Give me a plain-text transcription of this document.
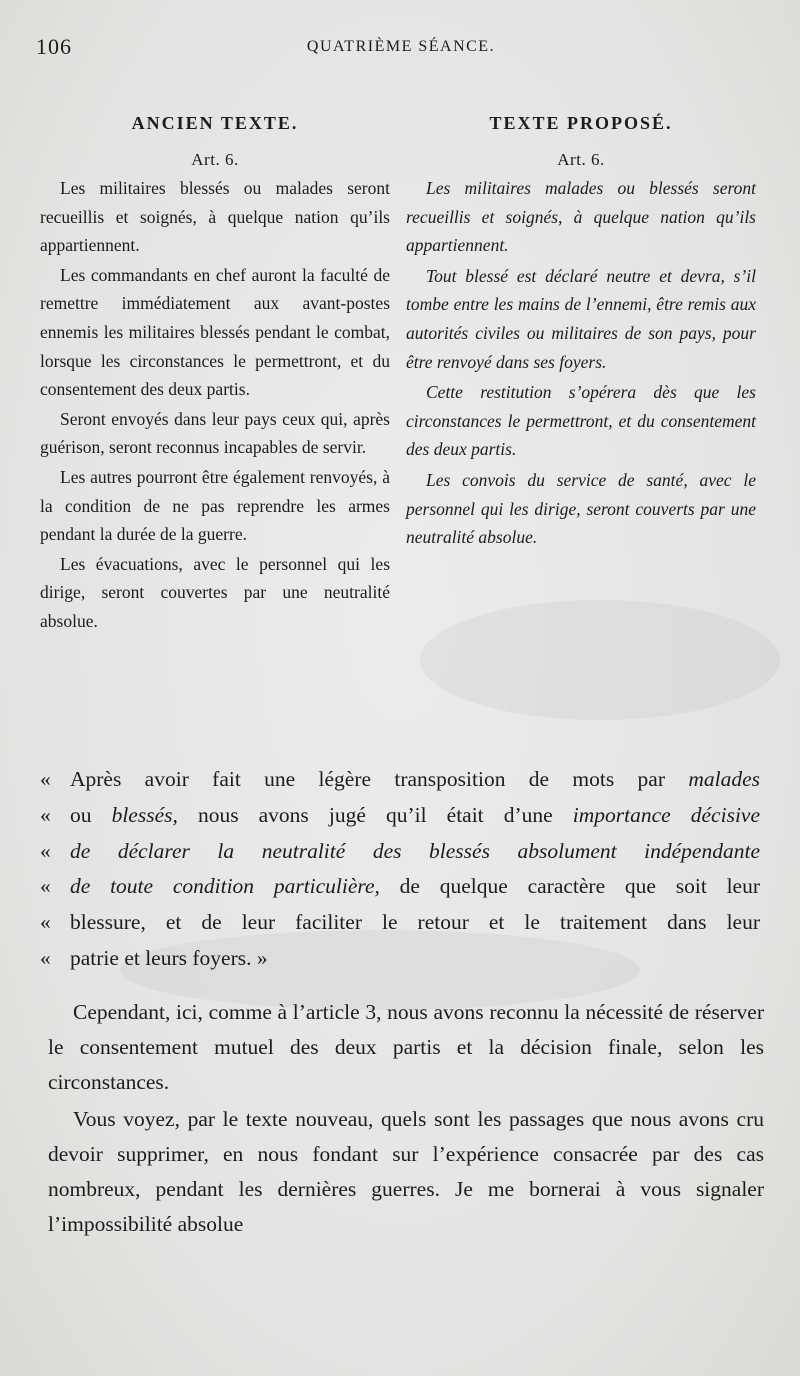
106	QUATRIÈME SÉANCE.
ANCIEN TEXTE.
Art. 6.

Les militaires blessés ou malades seront recueillis et soignés, à quelque nation qu’ils appartiennent.

Les commandants en chef auront la faculté de remettre immédiatement aux avant-postes ennemis les militaires blessés pendant le combat, lorsque les circonstances le permettront, et du consentement des deux partis.

Seront envoyés dans leur pays ceux qui, après guérison, seront reconnus incapables de servir.

Les autres pourront être également renvoyés, à la condition de ne pas reprendre les armes pendant la durée de la guerre.

Les évacuations, avec le personnel qui les dirige, seront couvertes par une neutralité absolue.

TEXTE PROPOSÉ.
Art. 6.

Les militaires malades ou blessés seront recueillis et soignés, à quelque nation qu’ils appartiennent.

Tout blessé est déclaré neutre et devra, s’il tombe entre les mains de l’ennemi, être remis aux autorités civiles ou militaires de son pays, pour être renvoyé dans ses foyers.

Cette restitution s’opérera dès que les circonstances le permettront, et du consentement des deux partis.

Les convois du service de santé, avec le personnel qui les dirige, seront couverts par une neutralité absolue.

« Après avoir fait une légère transposition de mots par malades
« ou blessés, nous avons jugé qu’il était d’une importance décisive
« de déclarer la neutralité des blessés absolument indépendante
« de toute condition particulière, de quelque caractère que soit leur
« blessure, et de leur faciliter le retour et le traitement dans leur
« patrie et leurs foyers. »

Cependant, ici, comme à l’article 3, nous avons reconnu la nécessité de réserver le consentement mutuel des deux partis et la décision finale, selon les circonstances.

Vous voyez, par le texte nouveau, quels sont les passages que nous avons cru devoir supprimer, en nous fondant sur l’expérience consacrée par des cas nombreux, pendant les dernières guerres. Je me bornerai à vous signaler l’impossibilité absolue
